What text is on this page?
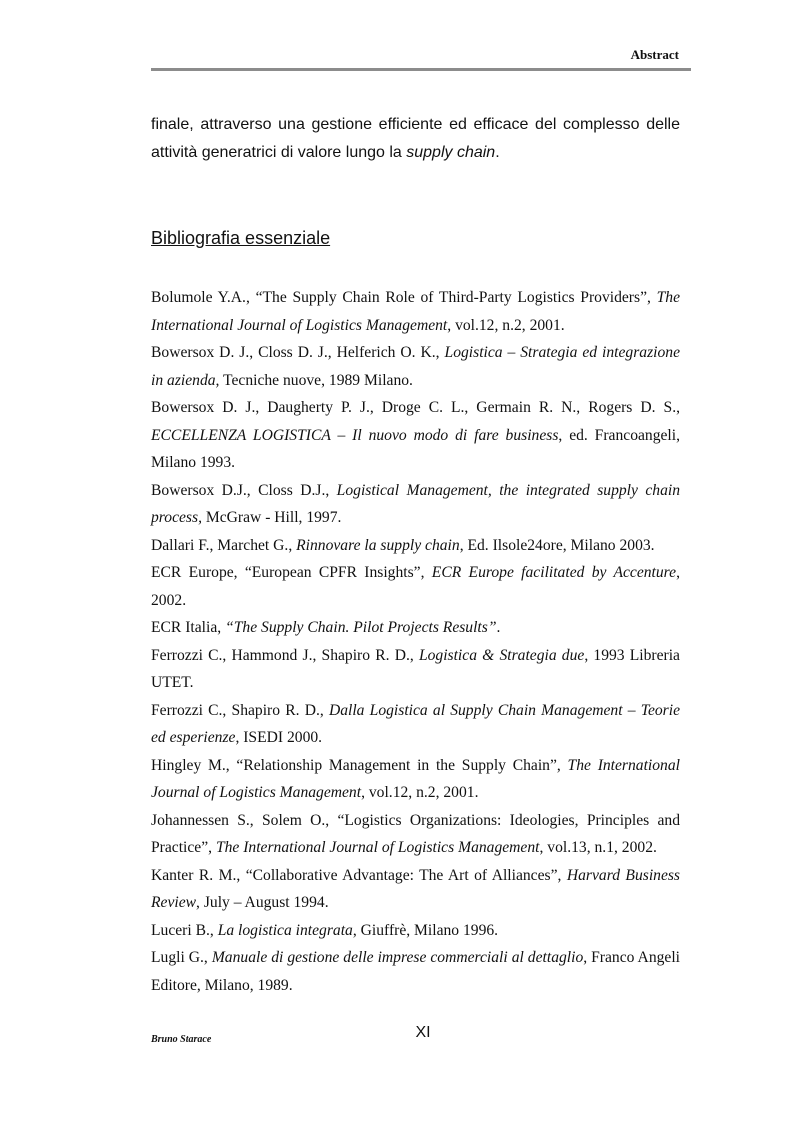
Abstract

finale, attraverso una gestione efficiente ed efficace del complesso delle attività generatrici di valore lungo la supply chain.

Bibliografia essenziale
Bolumole Y.A., “The Supply Chain Role of Third-Party Logistics Providers”, The International Journal of Logistics Management, vol.12, n.2, 2001.
Bowersox D. J., Closs D. J., Helferich O. K., Logistica – Strategia ed integrazione in azienda, Tecniche nuove, 1989 Milano.
Bowersox D. J., Daugherty P. J., Droge C. L., Germain R. N., Rogers D. S., ECCELLENZA LOGISTICA – Il nuovo modo di fare business, ed. Francoangeli, Milano 1993.
Bowersox D.J., Closs D.J., Logistical Management, the integrated supply chain process, McGraw - Hill, 1997.
Dallari F., Marchet G., Rinnovare la supply chain, Ed. Ilsole24ore, Milano 2003.
ECR Europe, “European CPFR Insights”, ECR Europe facilitated by Accenture, 2002.
ECR Italia, “The Supply Chain. Pilot Projects Results”.
Ferrozzi C., Hammond J., Shapiro R. D., Logistica & Strategia due, 1993 Libreria UTET.
Ferrozzi C., Shapiro R. D., Dalla Logistica al Supply Chain Management – Teorie ed esperienze, ISEDI 2000.
Hingley M., “Relationship Management in the Supply Chain”, The International Journal of Logistics Management, vol.12, n.2, 2001.
Johannessen S., Solem O., “Logistics Organizations: Ideologies, Principles and Practice”, The International Journal of Logistics Management, vol.13, n.1, 2002.
Kanter R. M., “Collaborative Advantage: The Art of Alliances”, Harvard Business Review, July – August 1994.
Luceri B., La logistica integrata, Giuffrè, Milano 1996.
Lugli G., Manuale di gestione delle imprese commerciali al dettaglio, Franco Angeli Editore, Milano, 1989.
XI
Bruno Starace
